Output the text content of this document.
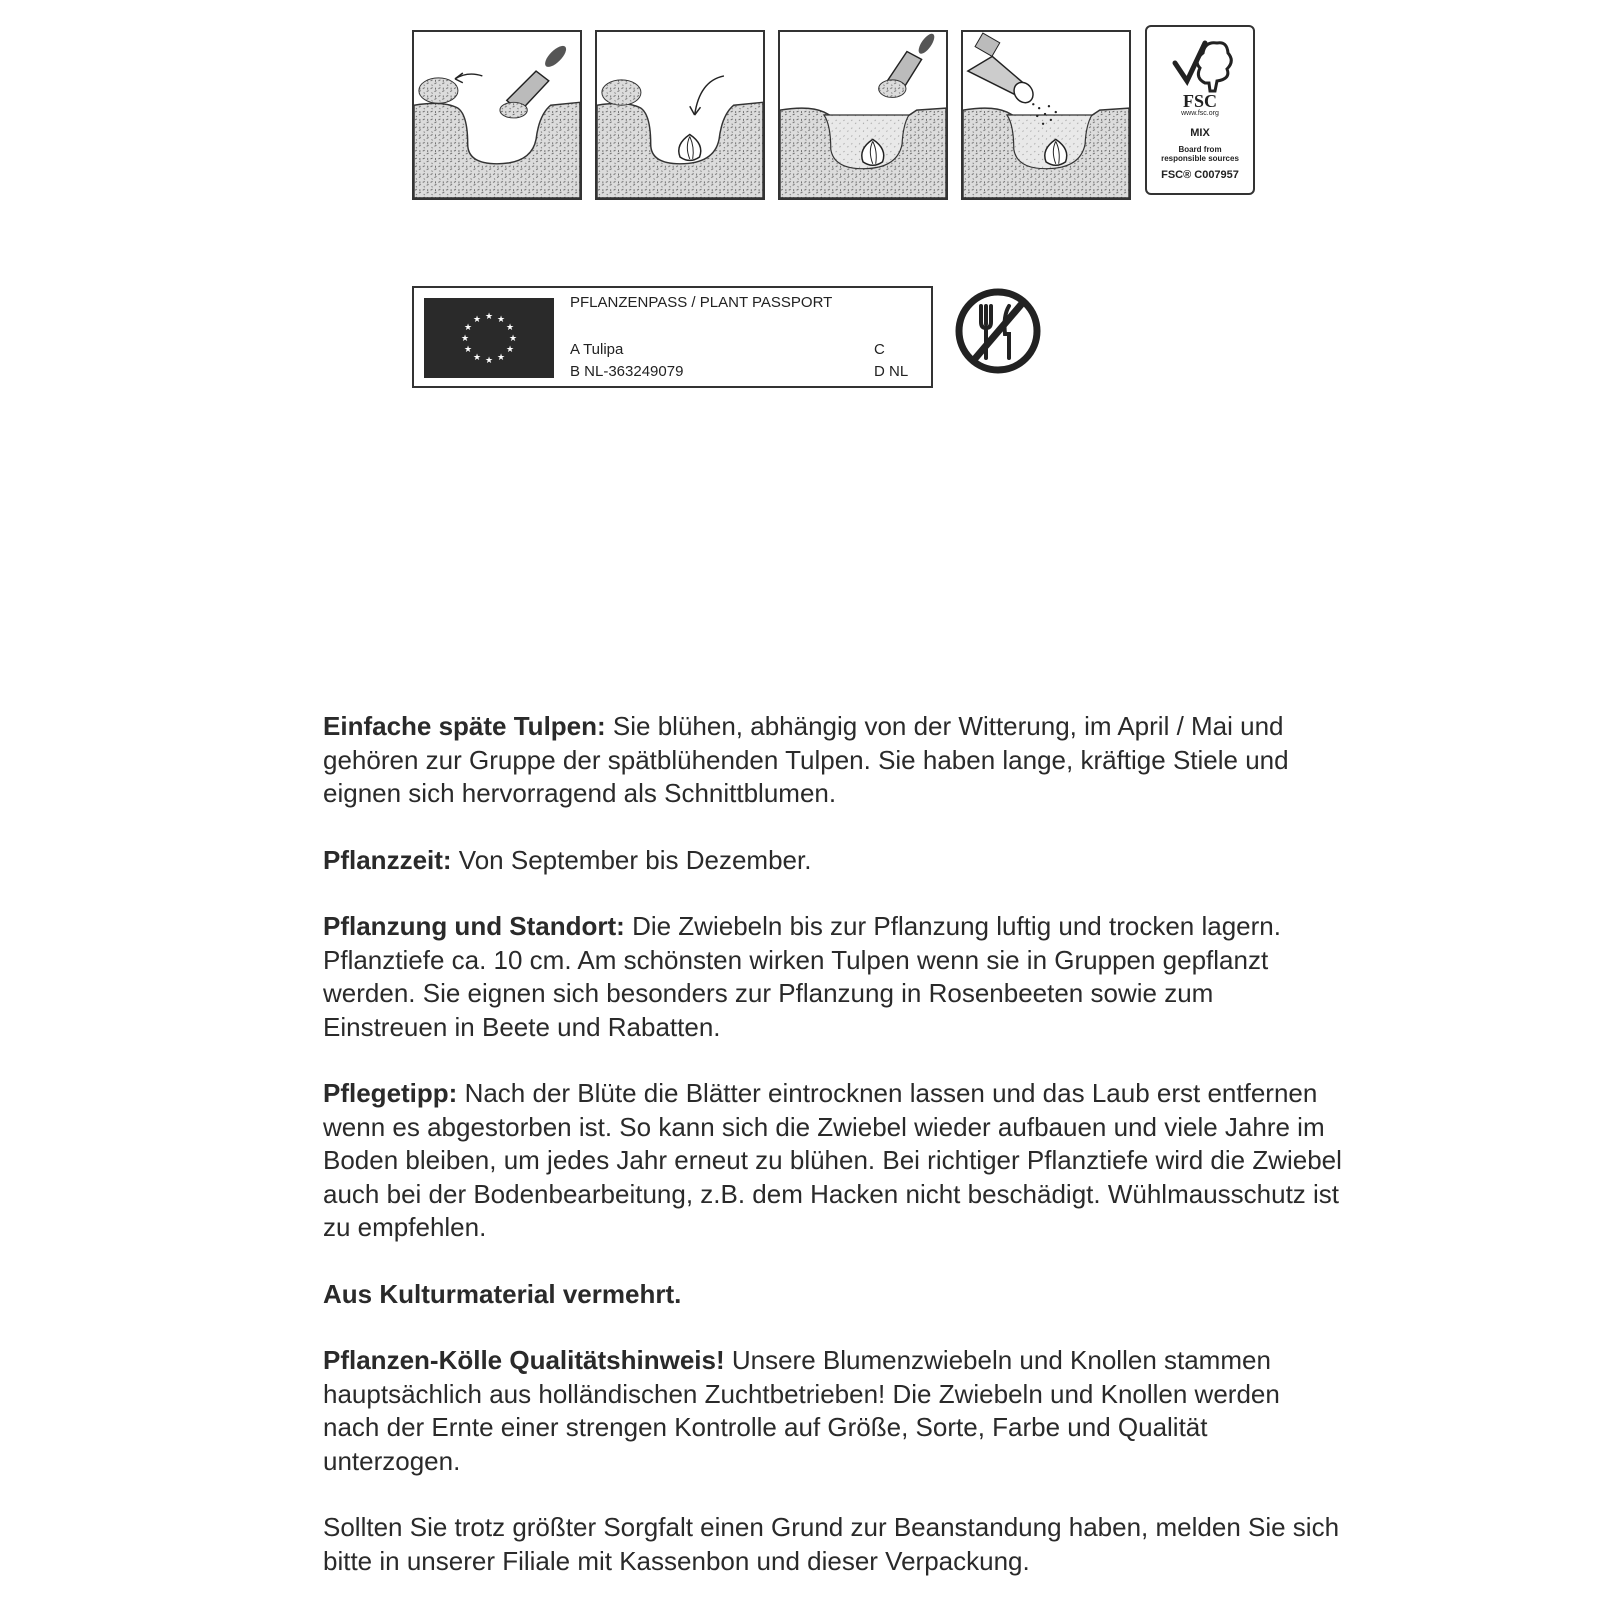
FSC
www.fsc.org
MIX
Board from
responsible sources
FSC® C007957
★ ★
★
★
★
★
★
★
★
★
★
★
PFLANZENPASS / PLANT PASSPORT
A Tulipa
B NL-363249079
C
D NL

Einfache späte Tulpen: Sie blühen, abhängig von der Witterung, im April / Mai und gehören zur Gruppe der spätblühenden Tulpen. Sie haben lange, kräftige Stiele und eignen sich hervorragend als Schnittblumen.

Pflanzzeit: Von September bis Dezember.

Pflanzung und Standort: Die Zwiebeln bis zur Pflanzung luftig und trocken lagern. Pflanztiefe ca. 10 cm. Am schönsten wirken Tulpen wenn sie in Gruppen gepflanzt werden. Sie eignen sich besonders zur Pflanzung in Rosenbeeten sowie zum Einstreuen in Beete und Rabatten.

Pflegetipp: Nach der Blüte die Blätter eintrocknen lassen und das Laub erst entfernen wenn es abgestorben ist. So kann sich die Zwiebel wieder aufbauen und viele Jahre im Boden bleiben, um jedes Jahr erneut zu blühen. Bei richtiger Pflanztiefe wird die Zwiebel auch bei der Bodenbearbeitung, z.B. dem Hacken nicht beschädigt. Wühlmausschutz ist zu empfehlen.

Aus Kulturmaterial vermehrt.

Pflanzen-Kölle Qualitätshinweis! Unsere Blumenzwiebeln und Knollen stammen hauptsächlich aus holländischen Zuchtbetrieben! Die Zwiebeln und Knollen werden nach der Ernte einer strengen Kontrolle auf Größe, Sorte, Farbe und Qualität unterzogen.

Sollten Sie trotz größter Sorgfalt einen Grund zur Beanstandung haben, melden Sie sich bitte in unserer Filiale mit Kassenbon und dieser Verpackung.
